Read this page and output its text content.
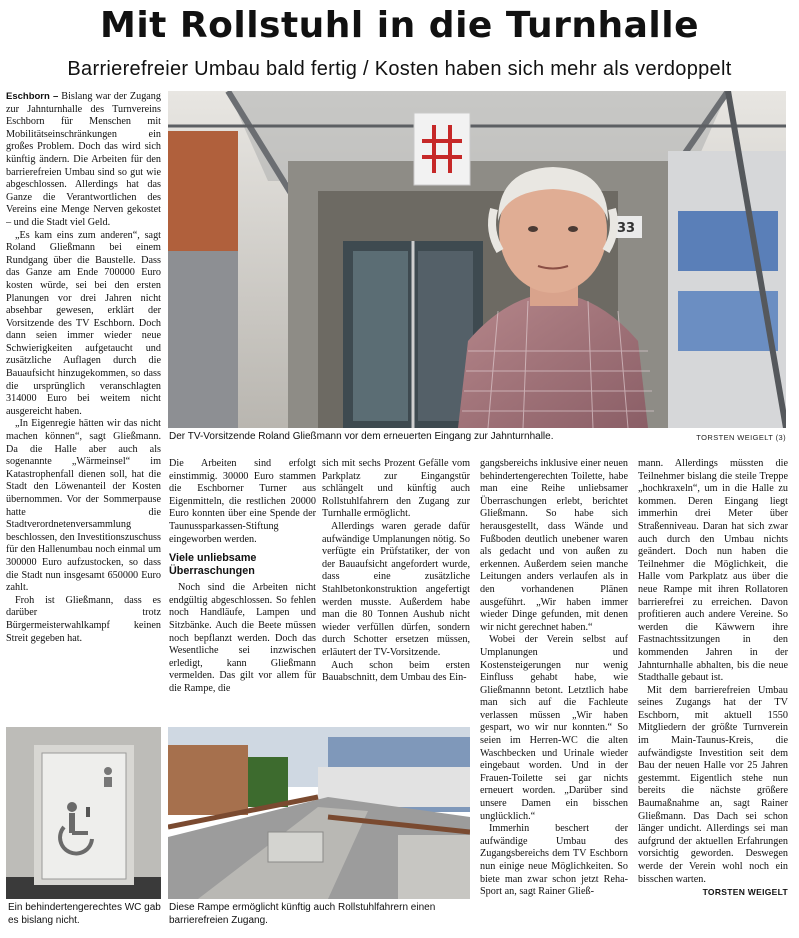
Mit Rollstuhl in die Turnhalle
Barrierefreier Umbau bald fertig / Kosten haben sich mehr als verdoppelt

Eschborn – Bislang war der Zugang zur Jahnturnhalle des Turnvereins Eschborn für Menschen mit Mobilitätseinschränkungen ein großes Problem. Doch das wird sich künftig ändern. Die Arbeiten für den barrierefreien Umbau sind so gut wie abgeschlossen. Allerdings hat das Ganze die Verantwortlichen des Vereins eine Menge Nerven gekostet – und die Stadt viel Geld.

„Es kam eins zum anderen“, sagt Roland Gließmann bei einem Rundgang über die Baustelle. Dass das Ganze am Ende 700000 Euro kosten würde, sei bei den ersten Planungen vor drei Jahren nicht absehbar gewesen, erklärt der Vorsitzende des TV Eschborn. Doch dann seien immer wieder neue Schwierigkeiten aufgetaucht und zusätzliche Auflagen durch die Bauaufsicht hinzugekommen, so dass die ursprünglich veranschlagten 314000 Euro bei weitem nicht ausgereicht haben.

„In Eigenregie hätten wir das nicht machen können“, sagt Gließmann. Da die Halle aber auch als sogenannte „Wärmeinsel“ im Katastrophenfall dienen soll, hat die Stadt den Löwenanteil der Kosten übernommen. Vor der Sommerpause hatte die Stadtverordnetenversammlung beschlossen, den Investitionszuschuss für den Hallenumbau noch einmal um 300000 Euro aufzustocken, so dass die Stadt nun insgesamt 650000 Euro zahlt.

Froh ist Gließmann, dass es darüber trotz Bürgermeisterwahlkampf keinen Streit gegeben hat.

33
Der TV-Vorsitzende Roland Gließmann vor dem erneuerten Eingang zur Jahnturnhalle.	TORSTEN WEIGELT (3)

Die Arbeiten sind erfolgt einstimmig. 30000 Euro stammen die Eschborner Turner aus Eigenmitteln, die restlichen 20000 Euro konnten über eine Spende der Taunussparkassen-Stiftung eingeworben werden.

Viele unliebsame Überraschungen

Noch sind die Arbeiten nicht endgültig abgeschlossen. So fehlen noch Handläufe, Lampen und Sitzbänke. Auch die Beete müssen noch bepflanzt werden. Doch das Wesentliche sei inzwischen erledigt, kann Gließmann vermelden. Das gilt vor allem für die Rampe, die

sich mit sechs Prozent Gefälle vom Parkplatz zur Eingangstür schlängelt und künftig auch Rollstuhlfahrern den Zugang zur Turnhalle ermöglicht.

Allerdings waren gerade dafür aufwändige Umplanungen nötig. So verfügte ein Prüfstatiker, der von der Bauaufsicht angefordert wurde, dass eine zusätzliche Stahlbetonkonstruktion angefertigt werden musste. Außerdem habe man die 80 Tonnen Aushub nicht wieder verfüllen dürfen, sondern durch Schotter ersetzen müssen, erläutert der TV-Vorsitzende.

Auch schon beim ersten Bauabschnitt, dem Umbau des Ein-

gangsbereichs inklusive einer neuen behindertengerechten Toilette, habe man eine Reihe unliebsamer Überraschungen erlebt, berichtet Gließmann. So habe sich herausgestellt, dass Wände und Fußboden deutlich unebener waren als gedacht und von außen zu erkennen. Außerdem seien manche Leitungen anders verlaufen als in den vorhandenen Plänen ausgeführt. „Wir haben immer wieder Dinge gefunden, mit denen wir nicht gerechnet haben.“

Wobei der Verein selbst auf Umplanungen und Kostensteigerungen nur wenig Einfluss gehabt habe, wie Gließmannn betont. Letztlich habe man sich auf die Fachleute verlassen müssen „Wir haben gespart, wo wir nur konnten.“ So seien im Herren-WC die alten Waschbecken und Urinale wieder eingebaut worden. Und in der Frauen-Toilette sei gar nichts erneuert worden. „Darüber sind unsere Damen ein bisschen unglücklich.“

Immerhin beschert der aufwändige Umbau des Zugangsbereichs dem TV Eschborn nun einige neue Möglichkeiten. So biete man zwar schon jetzt Reha-Sport an, sagt Rainer Gließ-

mann. Allerdings müssten die Teilnehmer bislang die steile Treppe „hochkraxeln“, um in die Halle zu kommen. Deren Eingang liegt immerhin drei Meter über Straßenniveau. Daran hat sich zwar auch durch den Umbau nichts geändert. Doch nun haben die Teilnehmer die Möglichkeit, die Halle vom Parkplatz aus über die neue Rampe mit ihren Rollatoren barrierefrei zu erreichen. Davon profitieren auch andere Vereine. So werden die Käwwern ihre Fastnachtssitzungen in den kommenden Jahren in der Jahnturnhalle abhalten, bis die neue Stadthalle gebaut ist.

Mit dem barrierefreien Umbau seines Zugangs hat der TV Eschborn, mit aktuell 1550 Mitgliedern der größte Turnverein im Main-Taunus-Kreis, die aufwändigste Investition seit dem Bau der neuen Halle vor 25 Jahren gestemmt. Eigentlich stehe nun bereits die nächste größere Baumaßnahme an, sagt Rainer Gließmann. Das Dach sei schon länger undicht. Allerdings sei man aufgrund der aktuellen Erfahrungen vorsichtig geworden. Deswegen werde der Verein wohl noch ein bisschen warten.

TORSTEN WEIGELT

Ein behindertengerechtes WC gab es bislang nicht.
Diese Rampe ermöglicht künftig auch Rollstuhlfahrern einen barrierefreien Zugang.
